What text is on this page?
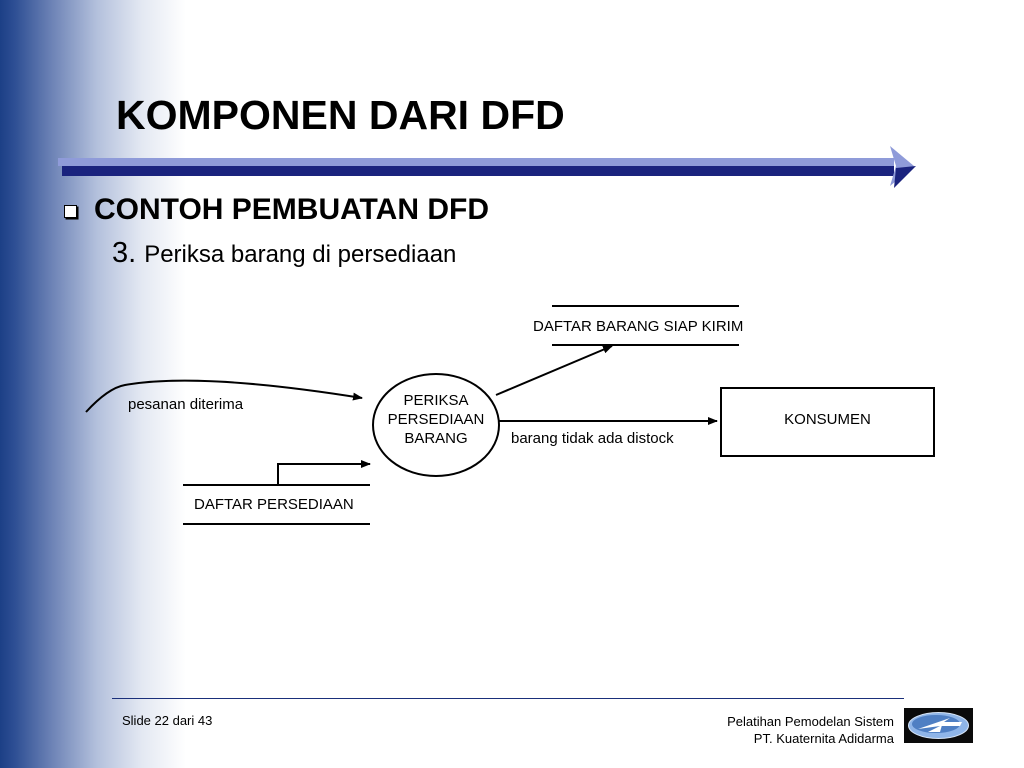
KOMPONEN DARI DFD
CONTOH PEMBUATAN DFD
3. Periksa barang di persediaan
DAFTAR BARANG SIAP KIRIM
DAFTAR PERSEDIAAN
pesanan diterima
barang tidak ada distock
KONSUMEN
PERIKSA
PERSEDIAAN
BARANG
Slide 22 dari 43	Pelatihan Pemodelan Sistem
PT. Kuaternita Adidarma
